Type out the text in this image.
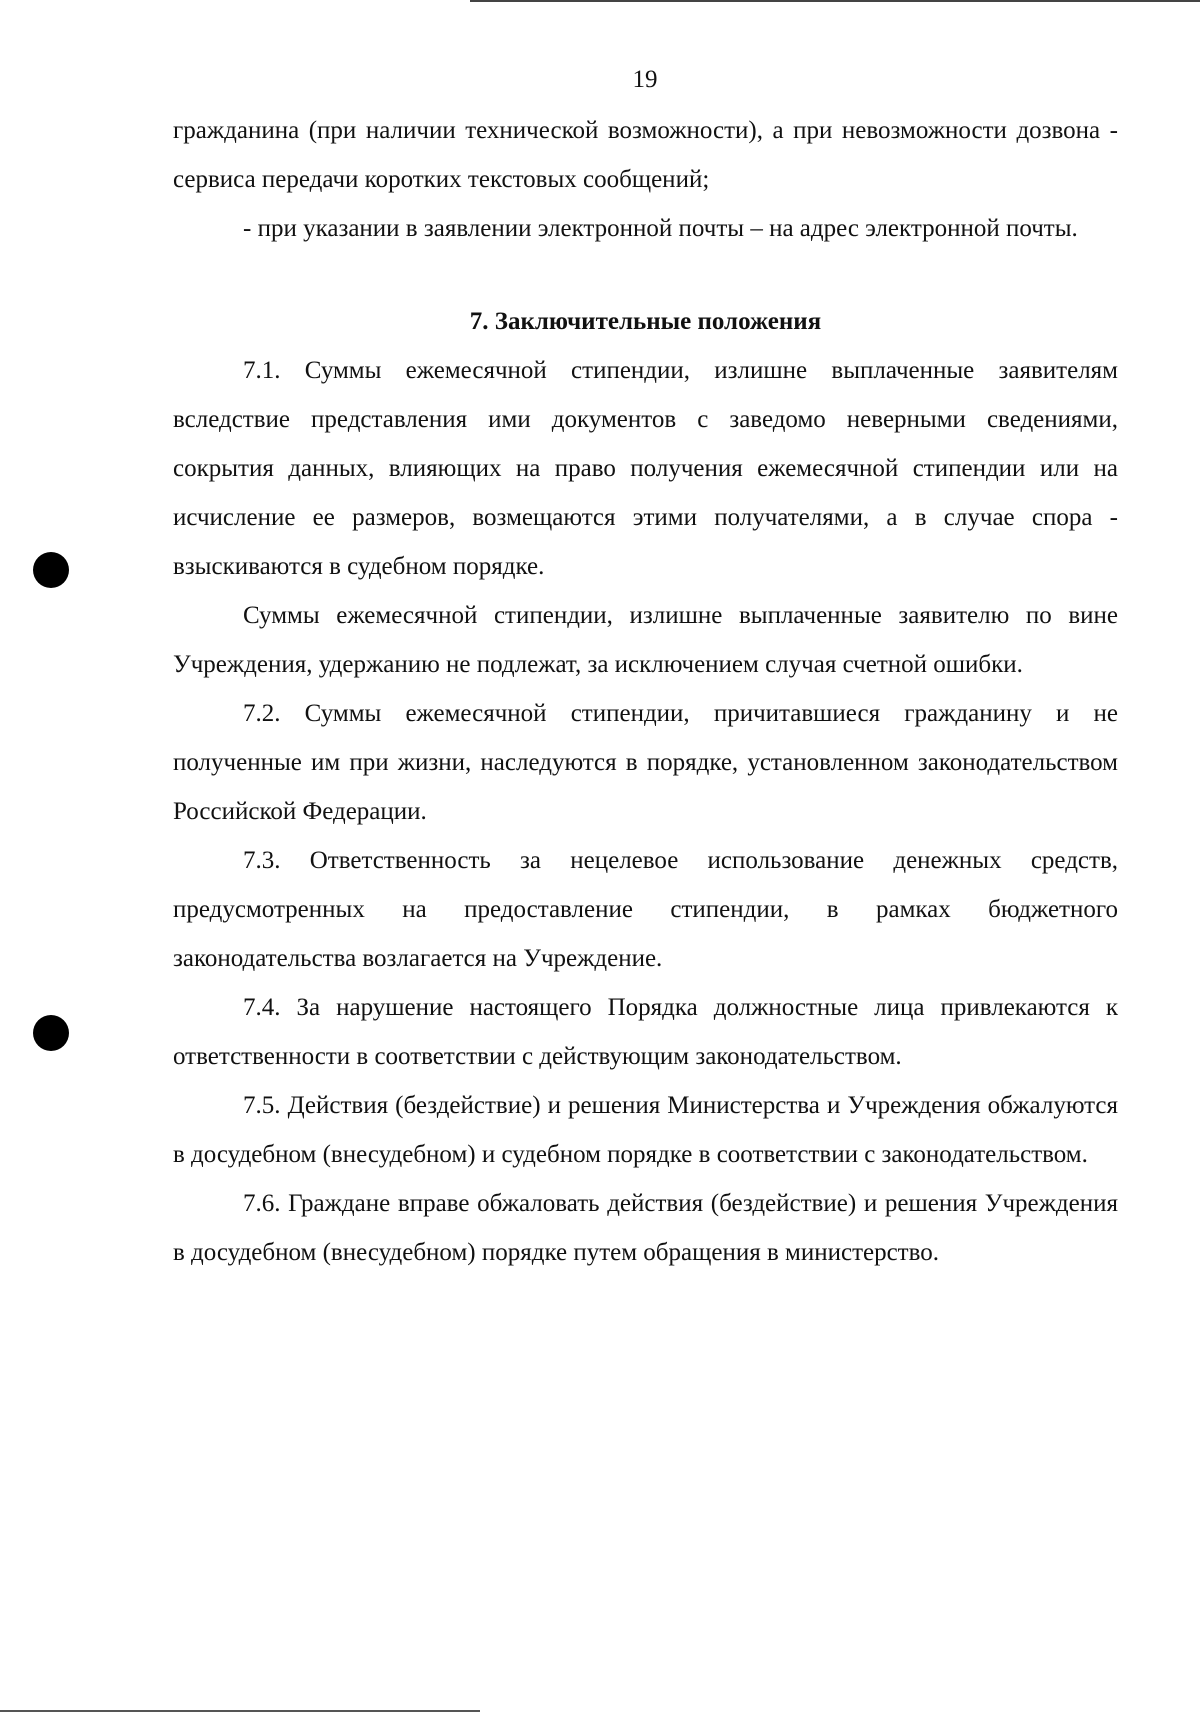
19

гражданина (при наличии технической возможности), а при невозможности дозвона - сервиса передачи коротких текстовых сообщений;

- при указании в заявлении электронной почты – на адрес электронной почты.

7. Заключительные положения

7.1. Суммы ежемесячной стипендии, излишне выплаченные заявителям вследствие представления ими документов с заведомо неверными сведениями, сокрытия данных, влияющих на право получения ежемесячной стипендии или на исчисление ее размеров, возмещаются этими получателями, а в случае спора - взыскиваются в судебном порядке.

Суммы ежемесячной стипендии, излишне выплаченные заявителю по вине Учреждения, удержанию не подлежат, за исключением случая счетной ошибки.

7.2. Суммы ежемесячной стипендии, причитавшиеся гражданину и не полученные им при жизни, наследуются в порядке, установленном законодательством Российской Федерации.

7.3. Ответственность за нецелевое использование денежных средств, предусмотренных на предоставление стипендии, в рамках бюджетного законодательства возлагается на Учреждение.

7.4. За нарушение настоящего Порядка должностные лица привлекаются к ответственности в соответствии с действующим законодательством.

7.5. Действия (бездействие) и решения Министерства и Учреждения обжалуются в досудебном (внесудебном) и судебном порядке в соответствии с законодательством.

7.6. Граждане вправе обжаловать действия (бездействие) и решения Учреждения в досудебном (внесудебном) порядке путем обращения в министерство.
